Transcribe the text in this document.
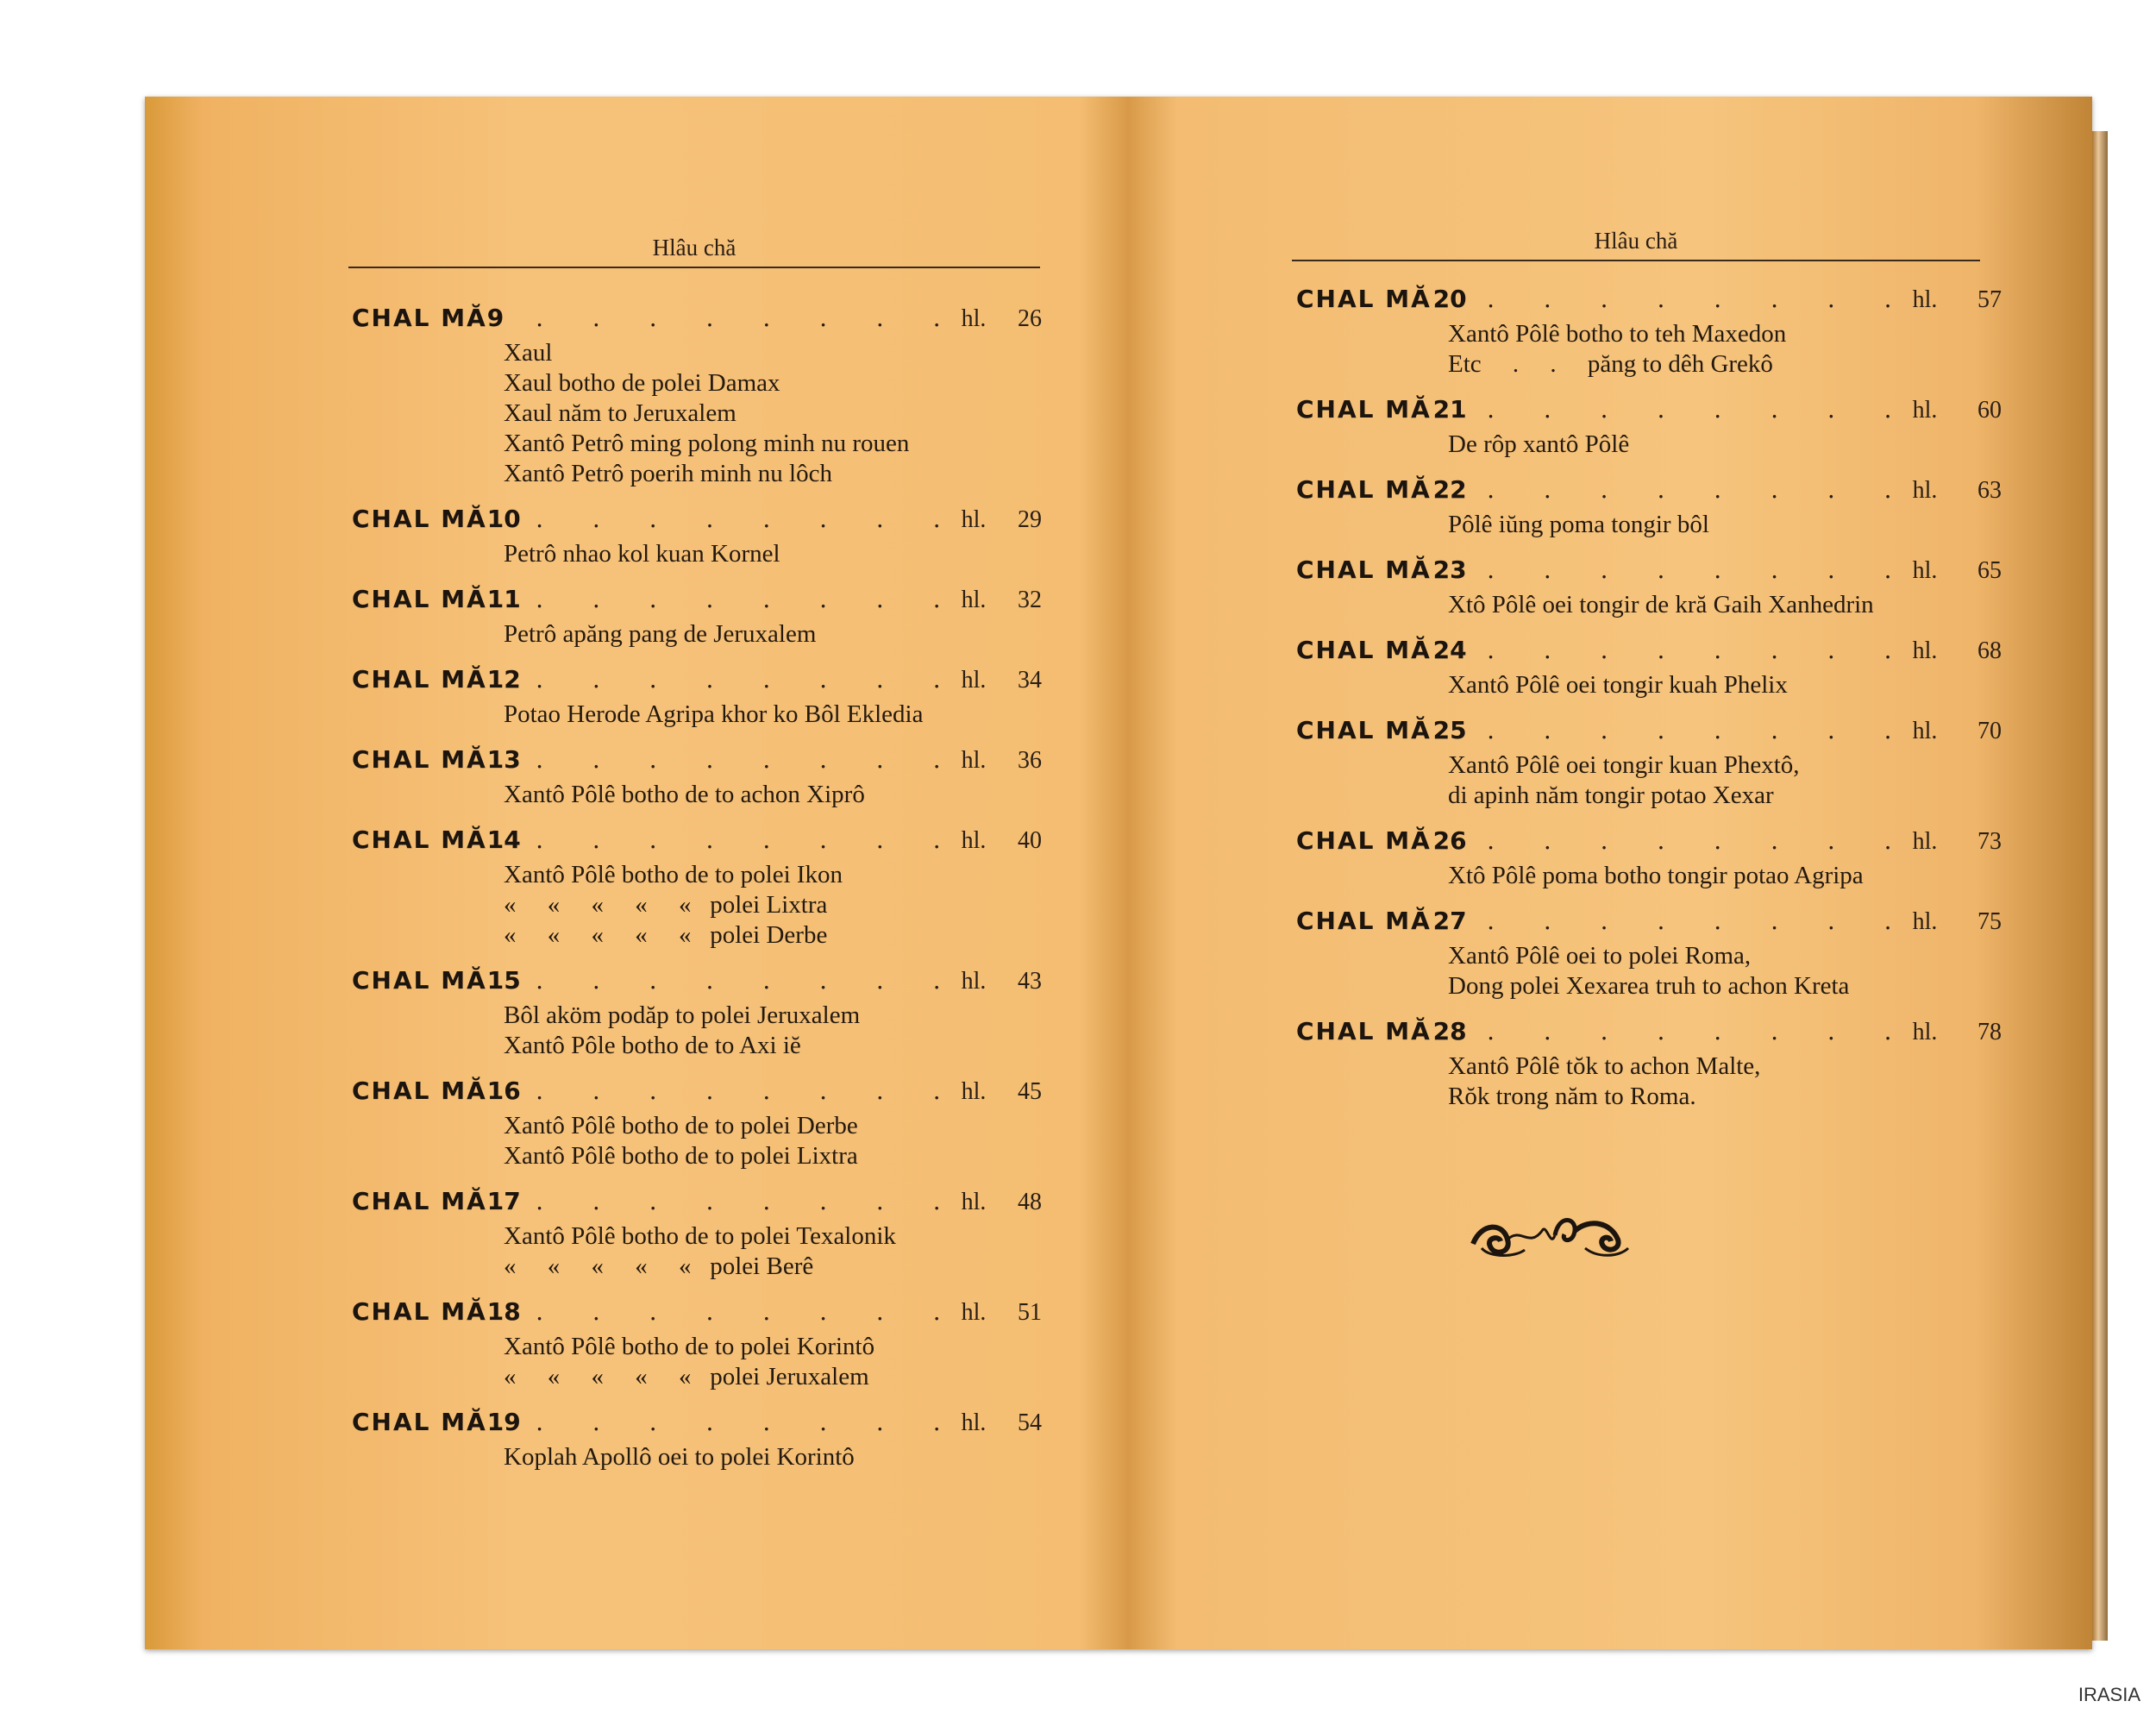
Hlâu chă
CHAL MĂ 9	. . . . . . . . hl.	26
Xaul
Xaul botho de polei Damax
Xaul năm to Jeruxalem
Xantô Petrô ming polong minh nu rouen
Xantô Petrô poerih minh nu lôch
CHAL MĂ 10 . . . . . . . . hl.	29
Petrô nhao kol kuan Kornel
CHAL MĂ 11 . . . . . . . . hl.	32
Petrô apăng pang de Jeruxalem
CHAL MĂ 12 . . . . . . . . hl.	34
Potao Herode Agripa khor ko Bôl Ekledia
CHAL MĂ 13 . . . . . . . . hl.	36
Xantô Pôlê botho de to achon Xiprô
CHAL MĂ 14 . . . . . . . . hl.	40
Xantô Pôlê botho de to polei Ikon
«     «     «     «     «   polei Lixtra
«     «     «     «     «   polei Derbe
CHAL MĂ 15 . . . . . . . . hl.	43
Bôl aköm podăp to polei Jeruxalem
Xantô Pôle botho de to Axi iĕ
CHAL MĂ 16 . . . . . . . . hl.	45
Xantô Pôlê botho de to polei Derbe
Xantô Pôlê botho de to polei Lixtra
CHAL MĂ 17 . . . . . . . . hl.	48
Xantô Pôlê botho de to polei Texalonik
«     «     «     «     «   polei Berê
CHAL MĂ 18 . . . . . . . . hl.	51
Xantô Pôlê botho de to polei Korintô
«     «     «     «     «   polei Jeruxalem
CHAL MĂ 19 . . . . . . . . hl.	54
Koplah Apollô oei to polei Korintô
Hlâu chă
CHAL MĂ 20 . . . . . . . . hl.	57
Xantô Pôlê botho to teh Maxedon
Etc     .     .     păng to dêh Grekô
CHAL MĂ 21 . . . . . . . . hl.	60
De rôp xantô Pôlê
CHAL MĂ 22 . . . . . . . . hl.	63
Pôlê iŭng poma tongir bôl
CHAL MĂ 23 . . . . . . . . hl.	65
Xtô Pôlê oei tongir de kră Gaih Xanhedrin
CHAL MĂ 24 . . . . . . . . hl.	68
Xantô Pôlê oei tongir kuah Phelix
CHAL MĂ 25 . . . . . . . . hl.	70
Xantô Pôlê oei tongir kuan Phextô,
di apinh năm tongir potao Xexar
CHAL MĂ 26 . . . . . . . . hl.	73
Xtô Pôlê poma botho tongir potao Agripa
CHAL MĂ 27 . . . . . . . . hl.	75
Xantô Pôlê oei to polei Roma,
Dong polei Xexarea truh to achon Kreta
CHAL MĂ 28 . . . . . . . . hl.	78
Xantô Pôlê tŏk to achon Malte,
Rŏk trong năm to Roma.
IRASIA
